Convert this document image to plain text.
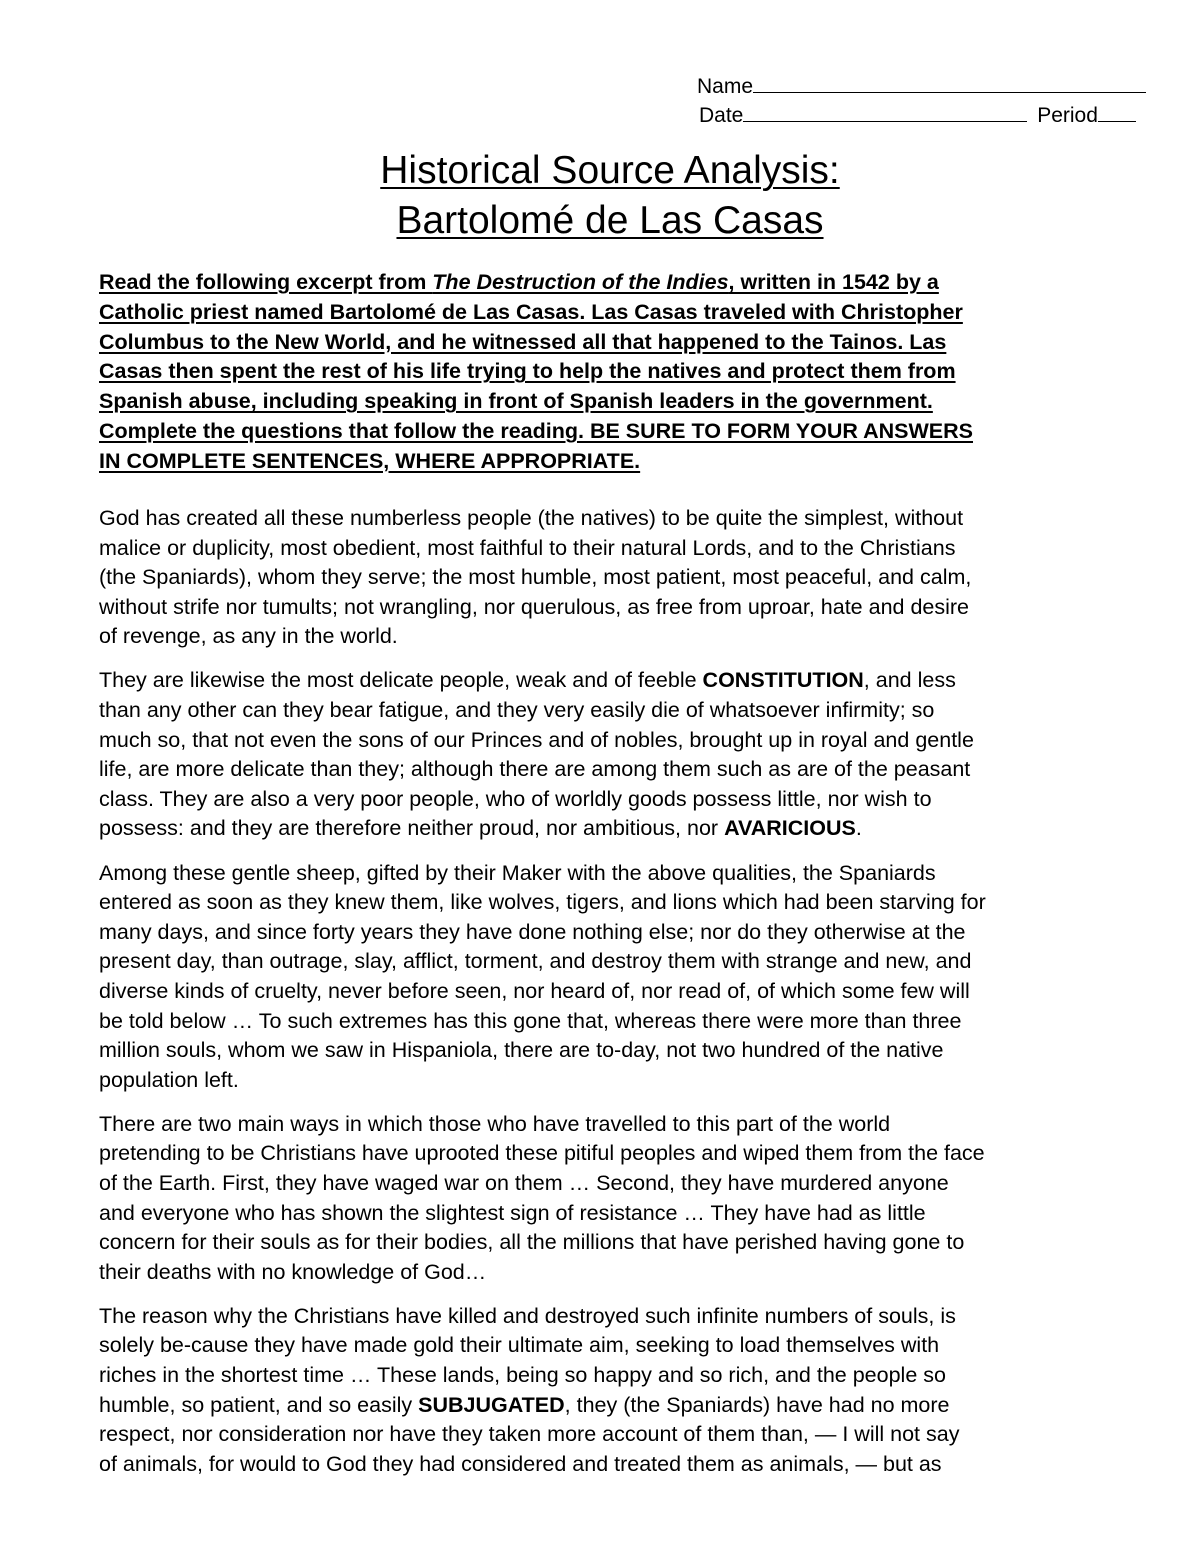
Name
Date	Period
Historical Source Analysis:
Bartolomé de Las Casas
Read the following excerpt from The Destruction of the Indies, written in 1542 by a
Catholic priest named Bartolomé de Las Casas. Las Casas traveled with Christopher
Columbus to the New World, and he witnessed all that happened to the Tainos. Las
Casas then spent the rest of his life trying to help the natives and protect them from
Spanish abuse, including speaking in front of Spanish leaders in the government.
Complete the questions that follow the reading. BE SURE TO FORM YOUR ANSWERS
IN COMPLETE SENTENCES, WHERE APPROPRIATE.
God has created all these numberless people (the natives) to be quite the simplest, without
malice or duplicity, most obedient, most faithful to their natural Lords, and to the Christians
(the Spaniards), whom they serve; the most humble, most patient, most peaceful, and calm,
without strife nor tumults; not wrangling, nor querulous, as free from uproar, hate and desire
of revenge, as any in the world.
They are likewise the most delicate people, weak and of feeble CONSTITUTION, and less
than any other can they bear fatigue, and they very easily die of whatsoever infirmity; so
much so, that not even the sons of our Princes and of nobles, brought up in royal and gentle
life, are more delicate than they; although there are among them such as are of the peasant
class. They are also a very poor people, who of worldly goods possess little, nor wish to
possess: and they are therefore neither proud, nor ambitious, nor AVARICIOUS.
Among these gentle sheep, gifted by their Maker with the above qualities, the Spaniards
entered as soon as they knew them, like wolves, tigers, and lions which had been starving for
many days, and since forty years they have done nothing else; nor do they otherwise at the
present day, than outrage, slay, afflict, torment, and destroy them with strange and new, and
diverse kinds of cruelty, never before seen, nor heard of, nor read of, of which some few will
be told below … To such extremes has this gone that, whereas there were more than three
million souls, whom we saw in Hispaniola, there are to-day, not two hundred of the native
population left.
There are two main ways in which those who have travelled to this part of the world
pretending to be Christians have uprooted these pitiful peoples and wiped them from the face
of the Earth. First, they have waged war on them … Second, they have murdered anyone
and everyone who has shown the slightest sign of resistance … They have had as little
concern for their souls as for their bodies, all the millions that have perished having gone to
their deaths with no knowledge of God…
The reason why the Christians have killed and destroyed such infinite numbers of souls, is
solely be-cause they have made gold their ultimate aim, seeking to load themselves with
riches in the shortest time … These lands, being so happy and so rich, and the people so
humble, so patient, and so easily SUBJUGATED, they (the Spaniards) have had no more
respect, nor consideration nor have they taken more account of them than, — I will not say
of animals, for would to God they had considered and treated them as animals, — but as
